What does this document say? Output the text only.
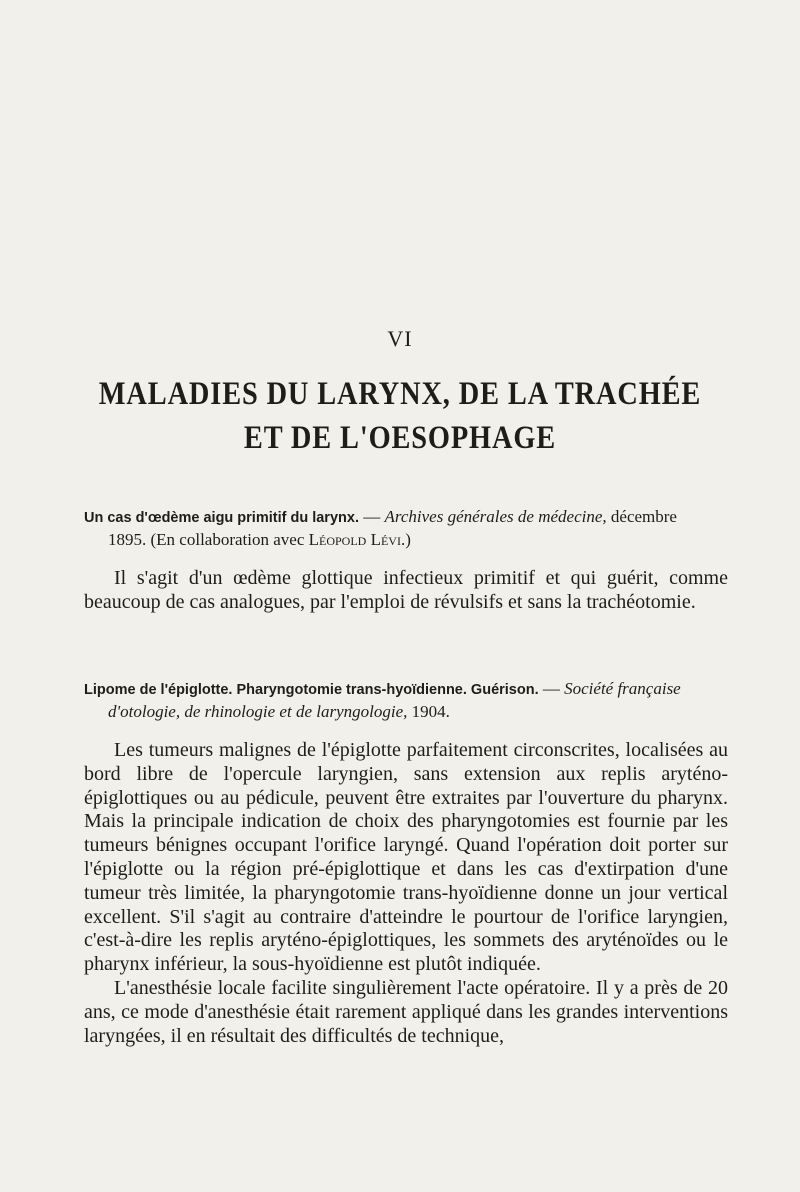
VI
MALADIES DU LARYNX, DE LA TRACHÉE
ET DE L'OESOPHAGE
Un cas d'œdème aigu primitif du larynx. — Archives générales de médecine, décembre
1895. (En collaboration avec Léopold Lévi.)

Il s'agit d'un œdème glottique infectieux primitif et qui guérit, comme beaucoup de cas analogues, par l'emploi de révulsifs et sans la trachéotomie.

Lipome de l'épiglotte. Pharyngotomie trans-hyoïdienne. Guérison. — Société française
d'otologie, de rhinologie et de laryngologie, 1904.

Les tumeurs malignes de l'épiglotte parfaitement circonscrites, localisées au bord libre de l'opercule laryngien, sans extension aux replis aryténo-épiglottiques ou au pédicule, peuvent être extraites par l'ouverture du pharynx. Mais la principale indication de choix des pharyngotomies est fournie par les tumeurs bénignes occupant l'orifice laryngé. Quand l'opération doit porter sur l'épiglotte ou la région pré-épiglottique et dans les cas d'extirpation d'une tumeur très limitée, la pharyngotomie trans-hyoïdienne donne un jour vertical excellent. S'il s'agit au contraire d'atteindre le pourtour de l'orifice laryngien, c'est-à-dire les replis aryténo-épiglottiques, les sommets des aryténoïdes ou le pharynx inférieur, la sous-hyoïdienne est plutôt indiquée.

L'anesthésie locale facilite singulièrement l'acte opératoire. Il y a près de 20 ans, ce mode d'anesthésie était rarement appliqué dans les grandes interventions laryngées, il en résultait des difficultés de technique,
